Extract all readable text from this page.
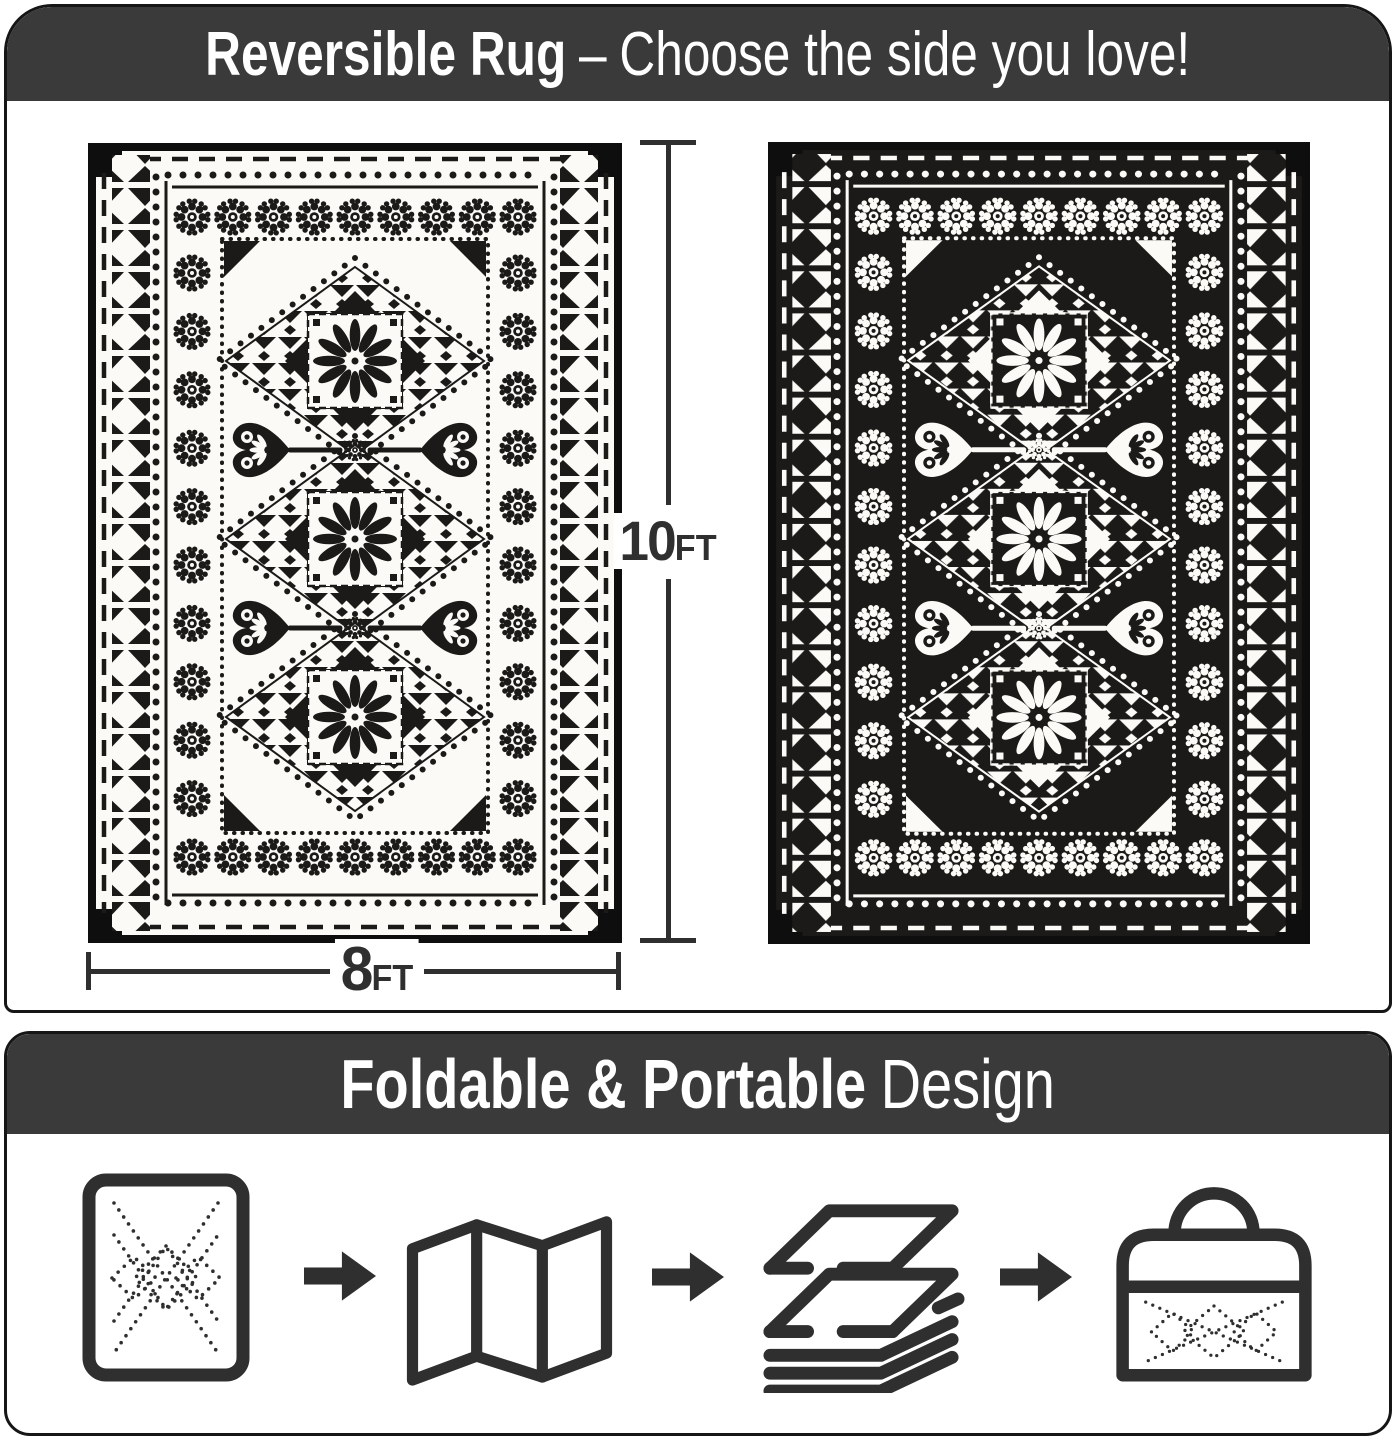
Reversible Rug – Choose the side you love!
Foldable & Portable Design
10 FT
8 FT
